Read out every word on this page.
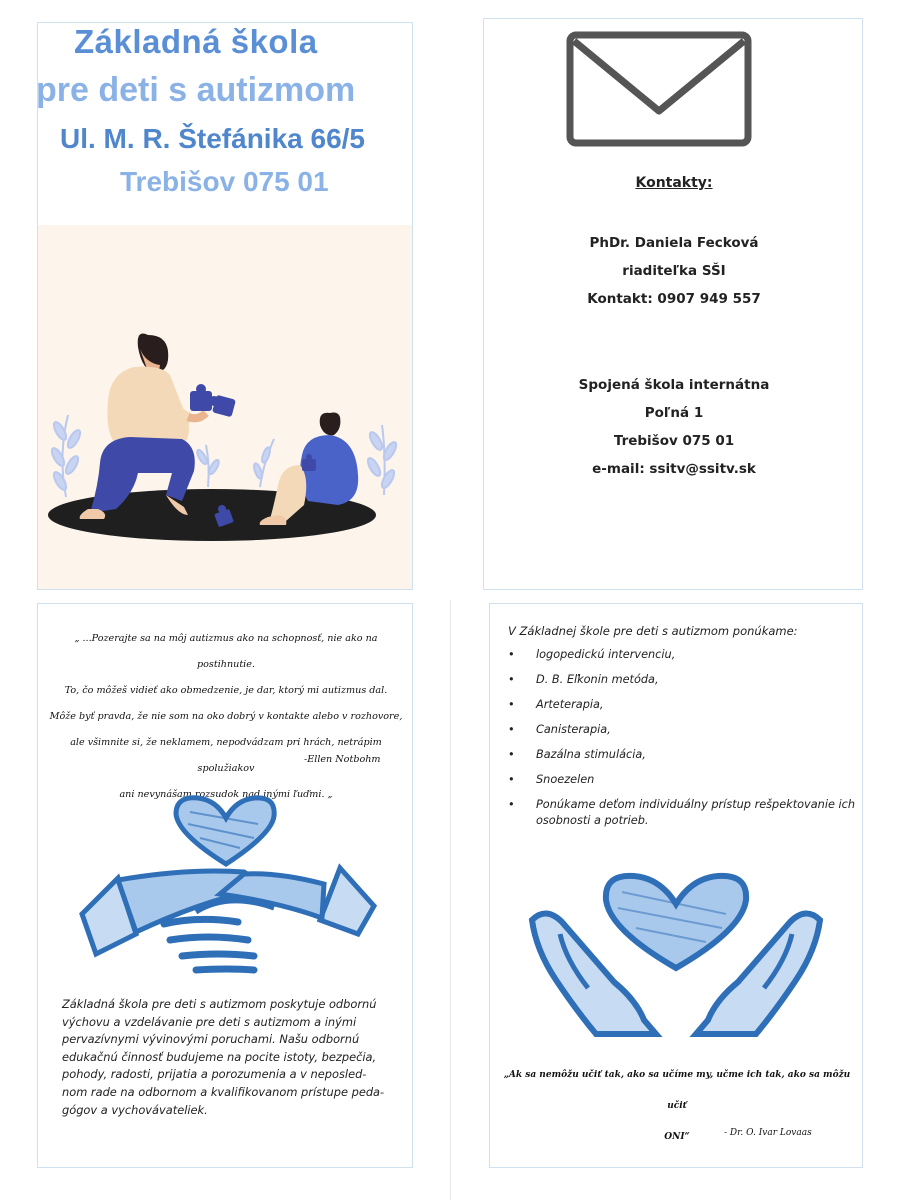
Základná škola
pre deti s autizmom
Ul. M. R. Štefánika 66/5
Trebišov 075 01	Kontakty:
PhDr. Daniela Fecková
riaditeľka SŠI
Kontakt: 0907 949 557
Spojená škola internátna
Poľná 1
Trebišov 075 01
e-mail: ssitv@ssitv.sk
„ ...Pozerajte sa na môj autizmus ako na schopnosť, nie ako na postihnutie.
To, čo môžeš vidieť ako obmedzenie, je dar, ktorý mi autizmus dal.
Môže byť pravda, že nie som na oko dobrý v kontakte alebo v rozhovore,
ale všimnite si, že neklamem, nepodvádzam pri hrách, netrápim spolužiakov
ani nevynášam rozsudok nad inými ľuďmi. „
-Ellen Notbohm
Základná škola pre deti s autizmom poskytuje odbornú
výchovu a vzdelávanie pre deti s autizmom a inými
pervazívnymi vývinovými poruchami. Našu odbornú
edukačnú činnosť budujeme na pocite istoty, bezpečia,
pohody, radosti, prijatia a porozumenia a v neposled-
nom rade na odbornom a kvalifikovanom prístupe peda-
gógov a vychovávateliek.
V Základnej škole pre deti s autizmom ponúkame:
• logopedickú intervenciu,
• D. B. Eľkonin metóda,
• Arteterapia,
• Canisterapia,
• Bazálna stimulácia,
• Snoezelen
• Ponúkame deťom individuálny prístup rešpektovanie ich osobnosti a potrieb.
„Ak sa nemôžu učiť tak, ako sa učíme my, učme ich tak, ako sa môžu učiť
ONI“	- Dr. O. Ivar Lovaas
